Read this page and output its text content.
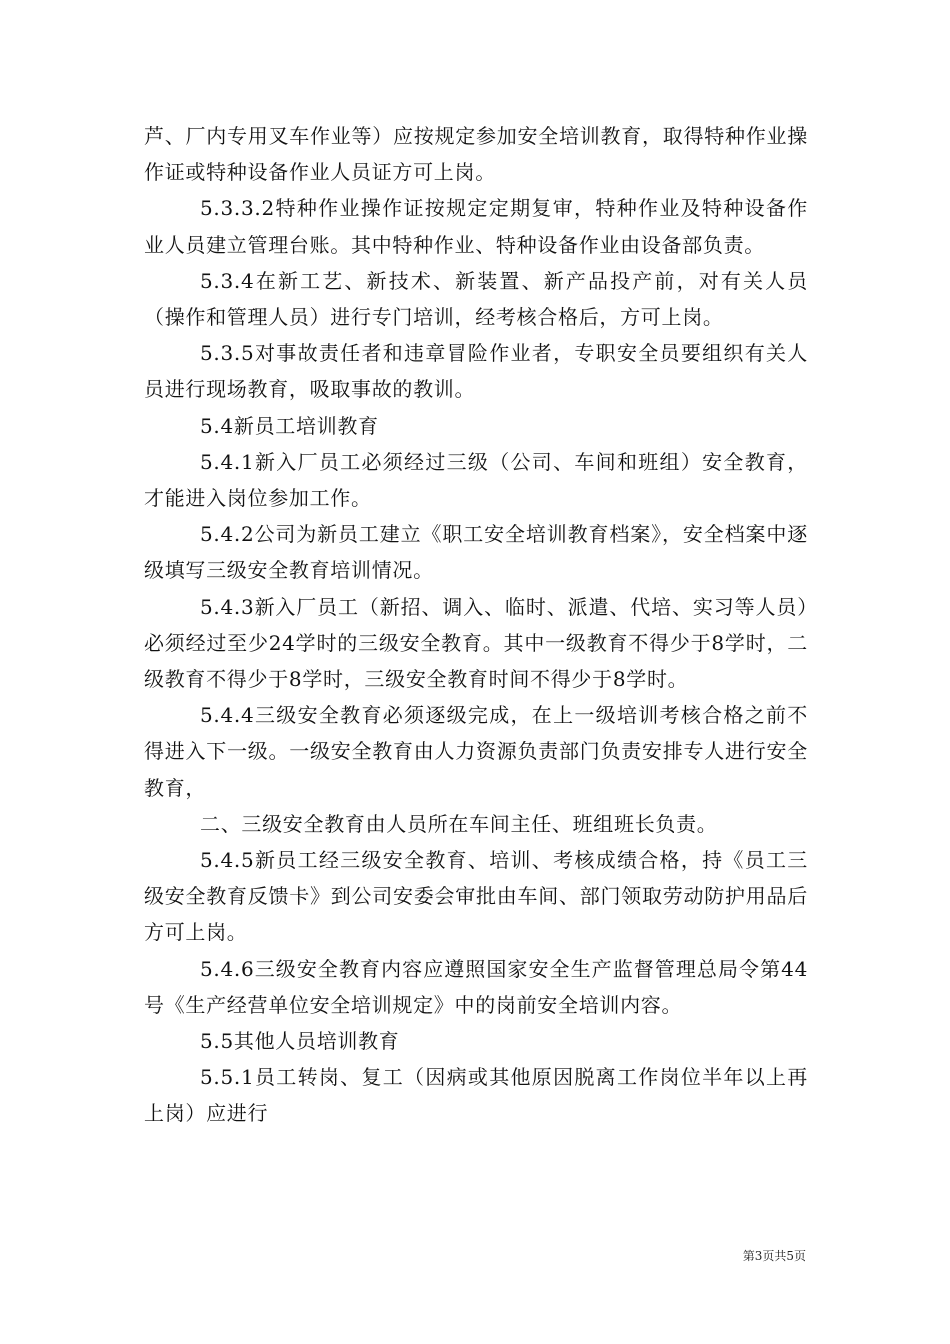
芦、厂内专用叉车作业等）应按规定参加安全培训教育，取得特种作业操作证或特种设备作业人员证方可上岗。

5.3.3.2特种作业操作证按规定定期复审，特种作业及特种设备作业人员建立管理台账。其中特种作业、特种设备作业由设备部负责。

5.3.4在新工艺、新技术、新装置、新产品投产前，对有关人员（操作和管理人员）进行专门培训，经考核合格后，方可上岗。

5.3.5对事故责任者和违章冒险作业者，专职安全员要组织有关人员进行现场教育，吸取事故的教训。

5.4新员工培训教育

5.4.1新入厂员工必须经过三级（公司、车间和班组）安全教育，才能进入岗位参加工作。

5.4.2公司为新员工建立《职工安全培训教育档案》，安全档案中逐级填写三级安全教育培训情况。

5.4.3新入厂员工（新招、调入、临时、派遣、代培、实习等人员）必须经过至少24学时的三级安全教育。其中一级教育不得少于8学时，二级教育不得少于8学时，三级安全教育时间不得少于8学时。

5.4.4三级安全教育必须逐级完成，在上一级培训考核合格之前不得进入下一级。一级安全教育由人力资源负责部门负责安排专人进行安全教育，

二、三级安全教育由人员所在车间主任、班组班长负责。

5.4.5新员工经三级安全教育、培训、考核成绩合格，持《员工三级安全教育反馈卡》到公司安委会审批由车间、部门领取劳动防护用品后方可上岗。

5.4.6三级安全教育内容应遵照国家安全生产监督管理总局令第44号《生产经营单位安全培训规定》中的岗前安全培训内容。

5.5其他人员培训教育

5.5.1员工转岗、复工（因病或其他原因脱离工作岗位半年以上再上岗）应进行

第3页共5页
